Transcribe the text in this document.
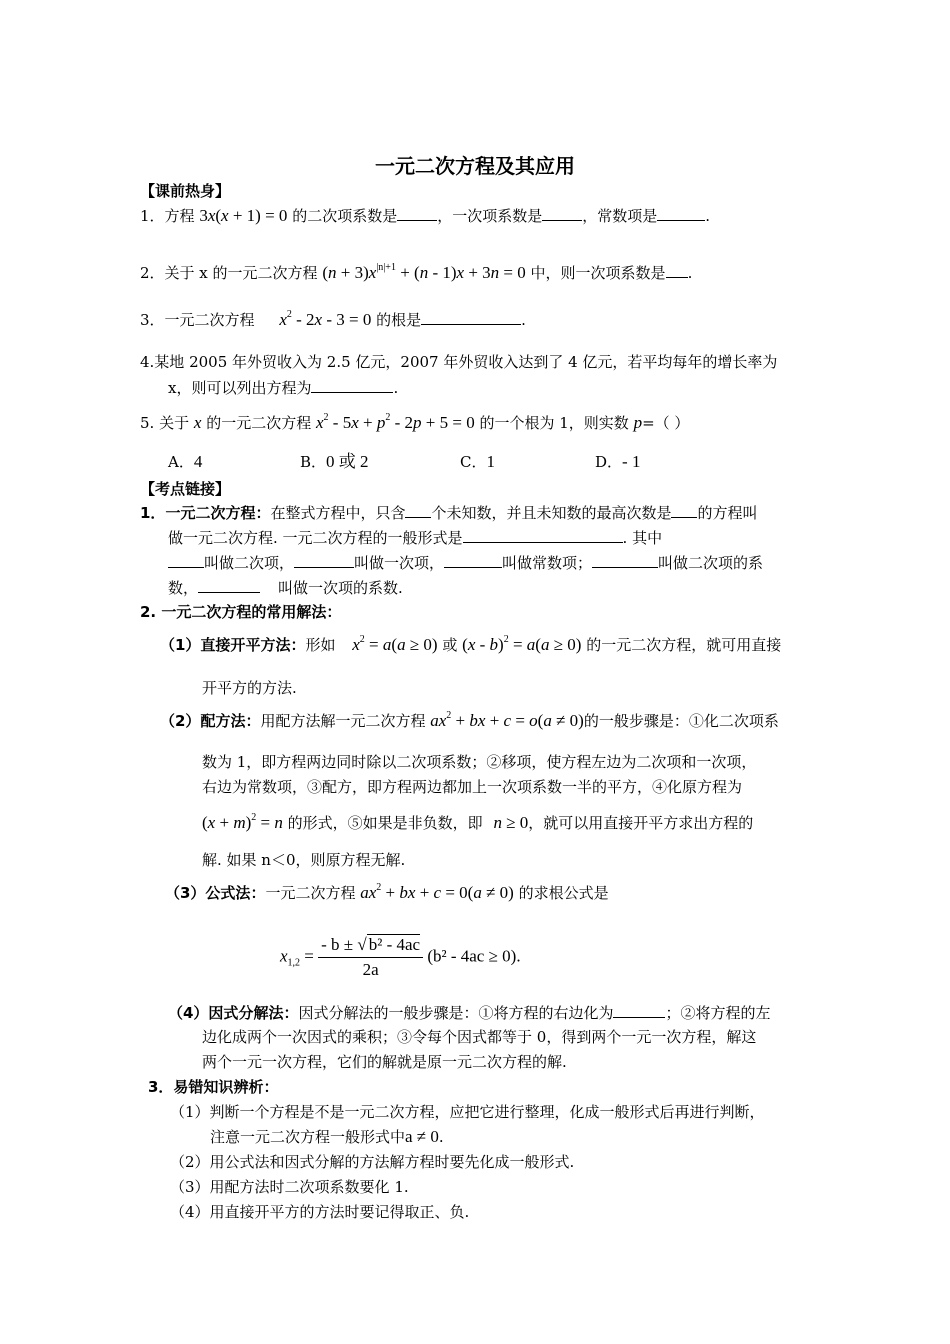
一元二次方程及其应用
【课前热身】
1．方程 3x(x + 1) = 0 的二次项系数是	，一次项系数是	，常数项是	.
2．关于 x 的一元二次方程 $(n + 3)x^{|n|+1} + (n - 1)x + 3n = 0$ 中，则一次项系数是 .
3．一元二次方程 $x^2 - 2x - 3 = 0$ 的根是	.
4.某地 2005 年外贸收入为 2.5 亿元，2007 年外贸收入达到了 4 亿元，若平均每年的增长率为
x，则可以列出方程为	.
5. 关于 x 的一元二次方程 $x^2 - 5x + p^2 - 2p + 5 = 0$ 的一个根为 1，则实数 p=（ ）
A．4	B．0 或 2	C．1	D．- 1
【考点链接】
1．一元二次方程：在整式方程中，只含 个未知数，并且未知数的最高次数是 的方程叫
做一元二次方程. 一元二次方程的一般形式是	. 其中
叫做二次项，	叫做一次项，	叫做常数项；	叫做二次项的系
数，	叫做一次项的系数.
2. 一元二次方程的常用解法：
（1）直接开平方法：形如 $x^2 = a(a \ge 0)$ 或 (x - b)$^2$ = a(a ≥ 0) 的一元二次方程，就可用直接
开平方的方法.
（2）配方法：用配方法解一元二次方程 $ax^2$ + bx + c = o(a ≠ 0)的一般步骤是：①化二次项系
数为 1，即方程两边同时除以二次项系数；②移项，使方程左边为二次项和一次项，
右边为常数项，③配方，即方程两边都加上一次项系数一半的平方，④化原方程为
$(x + m)^2 = n$ 的形式，⑤如果是非负数，即 n ≥ 0，就可以用直接开平方求出方程的
解. 如果 n＜0，则原方程无解.
（3）公式法：一元二次方程 $ax^2$ + bx + c = 0(a ≠ 0) 的求根公式是
$x_{1,2} = \frac{\text{- b ± √ b² - 4ac}}{2a} (b^2 - 4ac \ge 0)$.
（4）因式分解法：因式分解法的一般步骤是：①将方程的右边化为	；②将方程的左
边化成两个一次因式的乘积；③令每个因式都等于 0，得到两个一元一次方程，解这
两个一元一次方程，它们的解就是原一元二次方程的解.
3．易错知识辨析：
（1）判断一个方程是不是一元二次方程，应把它进行整理，化成一般形式后再进行判断，
注意一元二次方程一般形式中a ≠ 0.
（2）用公式法和因式分解的方法解方程时要先化成一般形式.
（3）用配方法时二次项系数要化 1.
（4）用直接开平方的方法时要记得取正、负.
